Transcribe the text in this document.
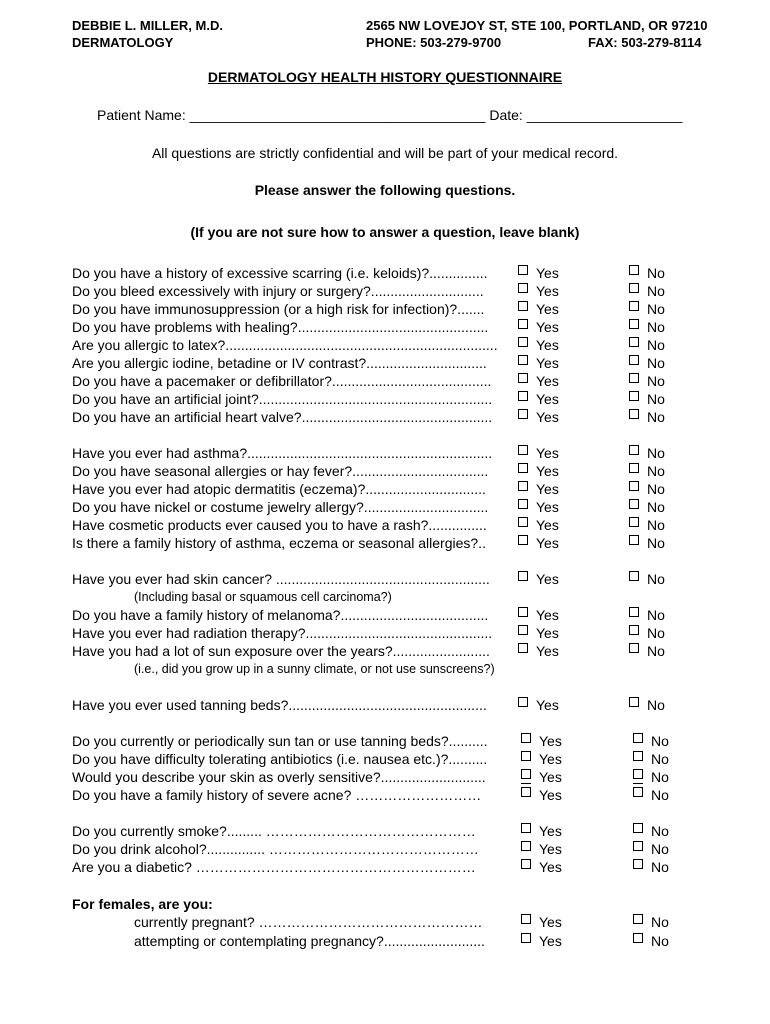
DEBBIE L. MILLER, M.D.
DERMATOLOGY
2565 NW LOVEJOY ST, STE 100, PORTLAND, OR 97210
PHONE: 503-279-9700	FAX: 503-279-8114
DERMATOLOGY HEALTH HISTORY QUESTIONNAIRE
Patient Name: ______________________________________ Date: ____________________
All questions are strictly confidential and will be part of your medical record.
Please answer the following questions.
(If you are not sure how to answer a question, leave blank)
Do you have a history of excessive scarring (i.e. keloids)?...............	Yes	No
Do you bleed excessively with injury or surgery?.............................	Yes	No
Do you have immunosuppression (or a high risk for infection)?.......	Yes	No
Do you have problems with healing?.................................................	Yes	No
Are you allergic to latex?......................................................................	Yes	No
Are you allergic iodine, betadine or IV contrast?...............................	Yes	No
Do you have a pacemaker or defibrillator?.........................................	Yes	No
Do you have an artificial joint?............................................................	Yes	No
Do you have an artificial heart valve?.................................................	Yes	No
Have you ever had asthma?...............................................................	Yes	No
Do you have seasonal allergies or hay fever?...................................	Yes	No
Have you ever had atopic dermatitis (eczema)?...............................	Yes	No
Do you have nickel or costume jewelry allergy?................................	Yes	No
Have cosmetic products ever caused you to have a rash?...............	Yes	No
Is there a family history of asthma, eczema or seasonal allergies?..	Yes	No
Have you ever had skin cancer? .......................................................	Yes	No
Do you have a family history of melanoma?......................................	Yes	No
Have you ever had radiation therapy?................................................	Yes	No
Have you had a lot of sun exposure over the years?.........................	Yes	No
Have you ever used tanning beds?...................................................	Yes	No
Do you currently or periodically sun tan or use tanning beds?..........	Yes	No
Do you have difficulty tolerating antibiotics (i.e. nausea etc.)?..........	Yes	No
Would you describe your skin as overly sensitive?...........................	Yes	No
Do you have a family history of severe acne? ………………………	Yes	No
Do you currently smoke?......... ………………………………………	Yes	No
Do you drink alcohol?............... ………………………………………	Yes	No
Are you a diabetic? ……………………………………………………	Yes	No
currently pregnant? …………………………………………	Yes	No
attempting or contemplating pregnancy?..........................	Yes	No
(Including basal or squamous cell carcinoma?)
(i.e., did you grow up in a sunny climate, or not use sunscreens?)
For females, are you:
